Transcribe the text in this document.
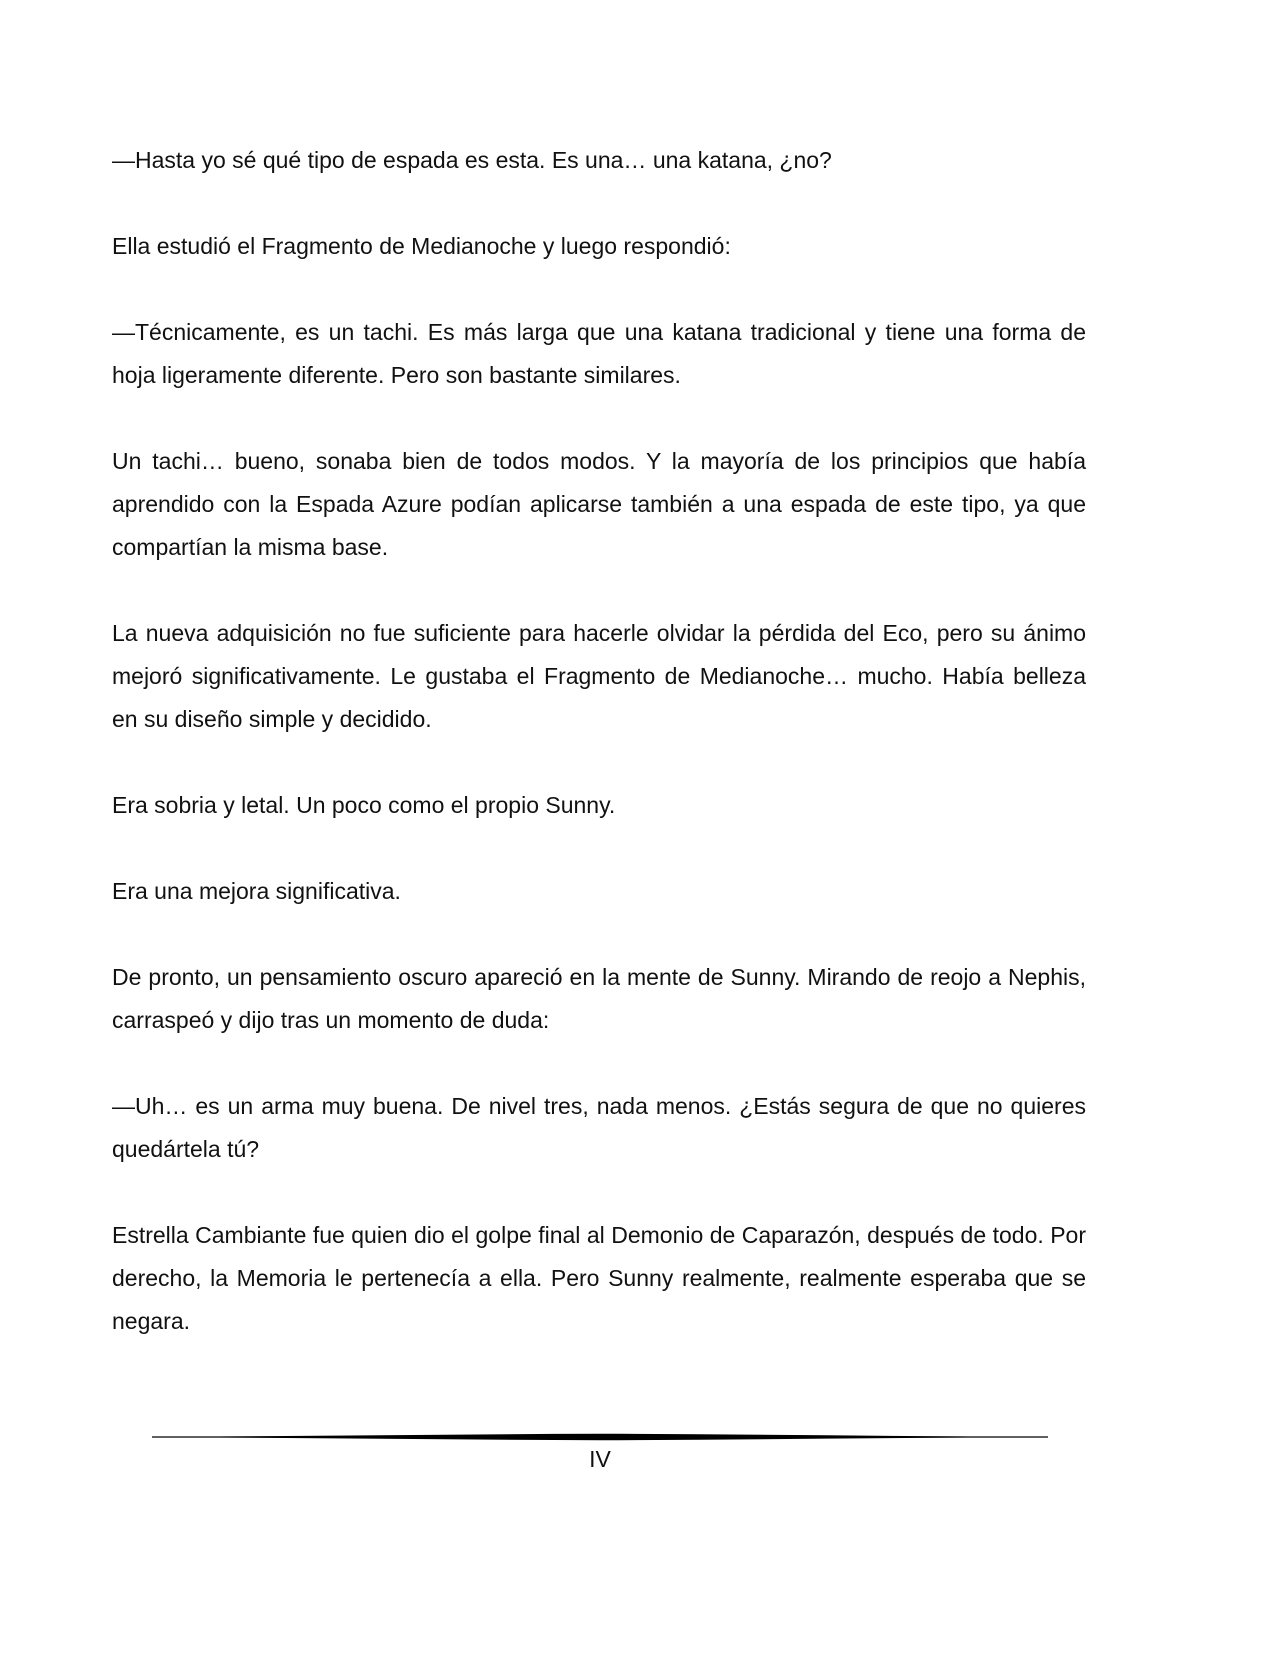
—Hasta yo sé qué tipo de espada es esta. Es una… una katana, ¿no?

Ella estudió el Fragmento de Medianoche y luego respondió:

—Técnicamente, es un tachi. Es más larga que una katana tradicional y tiene una forma de hoja ligeramente diferente. Pero son bastante similares.

Un tachi… bueno, sonaba bien de todos modos. Y la mayoría de los principios que había aprendido con la Espada Azure podían aplicarse también a una espada de este tipo, ya que compartían la misma base.

La nueva adquisición no fue suficiente para hacerle olvidar la pérdida del Eco, pero su ánimo mejoró significativamente. Le gustaba el Fragmento de Medianoche… mucho. Había belleza en su diseño simple y decidido.

Era sobria y letal. Un poco como el propio Sunny.

Era una mejora significativa.

De pronto, un pensamiento oscuro apareció en la mente de Sunny. Mirando de reojo a Nephis, carraspeó y dijo tras un momento de duda:

—Uh… es un arma muy buena. De nivel tres, nada menos. ¿Estás segura de que no quieres quedártela tú?

Estrella Cambiante fue quien dio el golpe final al Demonio de Caparazón, después de todo. Por derecho, la Memoria le pertenecía a ella. Pero Sunny realmente, realmente esperaba que se negara.

IV
